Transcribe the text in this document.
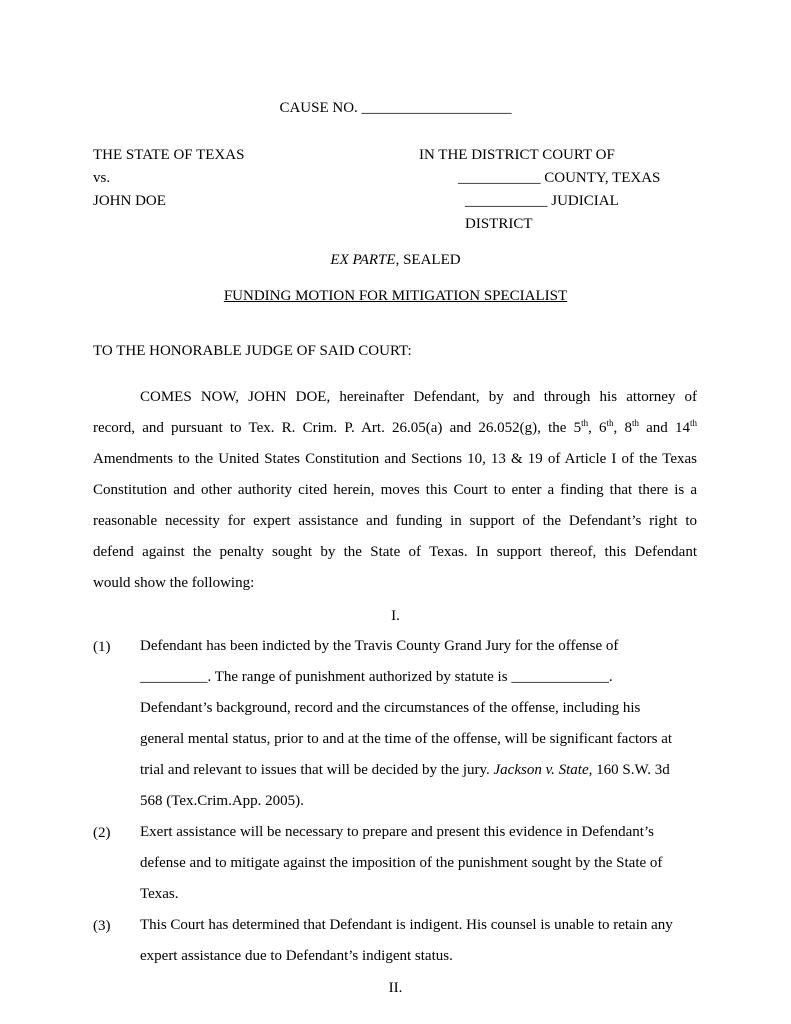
CAUSE NO. ____________________
THE STATE OF TEXAS
vs.
JOHN DOE
IN THE DISTRICT COURT OF
___________ COUNTY, TEXAS
___________ JUDICIAL
DISTRICT
EX PARTE, SEALED
FUNDING MOTION FOR MITIGATION SPECIALIST
TO THE HONORABLE JUDGE OF SAID COURT:
COMES NOW, JOHN DOE, hereinafter Defendant, by and through his attorney of
record, and pursuant to Tex. R. Crim. P. Art. 26.05(a) and 26.052(g), the 5th, 6th, 8th and 14th
Amendments to the United States Constitution and Sections 10, 13 & 19 of Article I of the Texas
Constitution and other authority cited herein, moves this Court to enter a finding that there is a
reasonable necessity for expert assistance and funding in support of the Defendant’s right to
defend against the penalty sought by the State of Texas. In support thereof, this Defendant
would show the following:
I.
(1) Defendant has been indicted by the Travis County Grand Jury for the offense of
_________. The range of punishment authorized by statute is _____________.
Defendant’s background, record and the circumstances of the offense, including his
general mental status, prior to and at the time of the offense, will be significant factors at
trial and relevant to issues that will be decided by the jury. Jackson v. State, 160 S.W. 3d
568 (Tex.Crim.App. 2005).
(2) Exert assistance will be necessary to prepare and present this evidence in Defendant’s
defense and to mitigate against the imposition of the punishment sought by the State of
Texas.
(3) This Court has determined that Defendant is indigent. His counsel is unable to retain any
expert assistance due to Defendant’s indigent status.
II.
